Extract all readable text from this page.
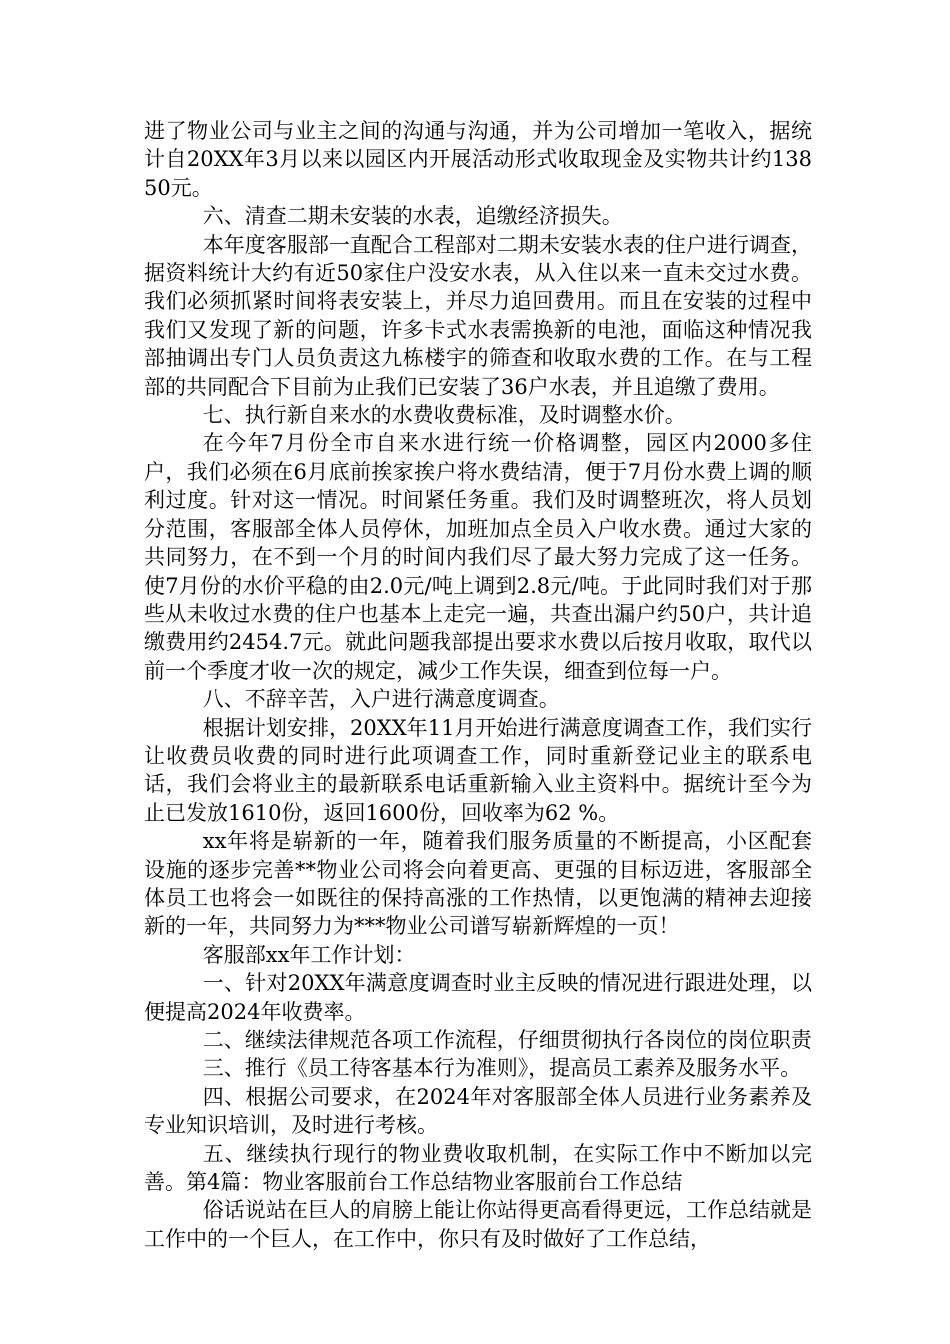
进了物业公司与业主之间的沟通与沟通，并为公司增加一笔收入，据统计自20XX年3月以来以园区内开展活动形式收取现金及实物共计约13850元。

六、清查二期未安装的水表，追缴经济损失。

本年度客服部一直配合工程部对二期未安装水表的住户进行调查，据资料统计大约有近50家住户没安水表，从入住以来一直未交过水费。我们必须抓紧时间将表安装上，并尽力追回费用。而且在安装的过程中我们又发现了新的问题，许多卡式水表需换新的电池，面临这种情况我部抽调出专门人员负责这九栋楼宇的筛查和收取水费的工作。在与工程部的共同配合下目前为止我们已安装了36户水表，并且追缴了费用。

七、执行新自来水的水费收费标准，及时调整水价。

在今年7月份全市自来水进行统一价格调整，园区内2000多住户，我们必须在6月底前挨家挨户将水费结清，便于7月份水费上调的顺利过度。针对这一情况。时间紧任务重。我们及时调整班次，将人员划分范围，客服部全体人员停休，加班加点全员入户收水费。通过大家的共同努力，在不到一个月的时间内我们尽了最大努力完成了这一任务。使7月份的水价平稳的由2.0元/吨上调到2.8元/吨。于此同时我们对于那些从未收过水费的住户也基本上走完一遍，共查出漏户约50户，共计追缴费用约2454.7元。就此问题我部提出要求水费以后按月收取，取代以前一个季度才收一次的规定，减少工作失误，细查到位每一户。

八、不辞辛苦，入户进行满意度调查。

根据计划安排，20XX年11月开始进行满意度调查工作，我们实行让收费员收费的同时进行此项调查工作，同时重新登记业主的联系电话，我们会将业主的最新联系电话重新输入业主资料中。据统计至今为止已发放1610份，返回1600份，回收率为62 %。

xx年将是崭新的一年，随着我们服务质量的不断提高，小区配套设施的逐步完善**物业公司将会向着更高、更强的目标迈进，客服部全体员工也将会一如既往的保持高涨的工作热情，以更饱满的精神去迎接新的一年，共同努力为***物业公司谱写崭新辉煌的一页！

客服部xx年工作计划：

一、针对20XX年满意度调查时业主反映的情况进行跟进处理，以便提高2024年收费率。

二、继续法律规范各项工作流程，仔细贯彻执行各岗位的岗位职责

三、推行《员工待客基本行为准则》，提高员工素养及服务水平。

四、根据公司要求，在2024年对客服部全体人员进行业务素养及专业知识培训，及时进行考核。

五、继续执行现行的物业费收取机制，在实际工作中不断加以完善。第4篇：物业客服前台工作总结物业客服前台工作总结

俗话说站在巨人的肩膀上能让你站得更高看得更远，工作总结就是工作中的一个巨人，在工作中，你只有及时做好了工作总结，
